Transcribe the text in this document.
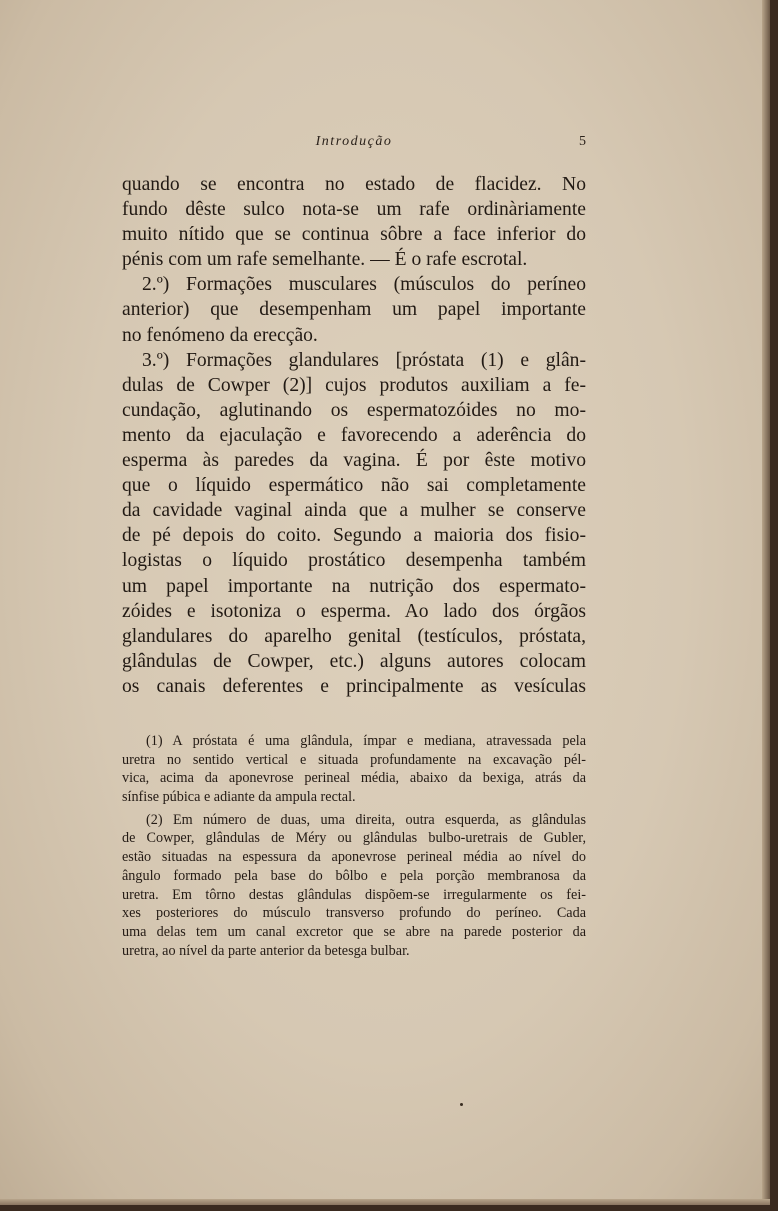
Introdução	5
quando se encontra no estado de flacidez. No
fundo dêste sulco nota-se um rafe ordinàriamente
muito nítido que se continua sôbre a face inferior do
pénis com um rafe semelhante. — É o rafe escrotal.
2.º) Formações musculares (músculos do períneo
anterior) que desempenham um papel importante
no fenómeno da erecção.
3.º) Formações glandulares [próstata (1) e glân-
dulas de Cowper (2)] cujos produtos auxiliam a fe-
cundação, aglutinando os espermatozóides no mo-
mento da ejaculação e favorecendo a aderência do
esperma às paredes da vagina. É por êste motivo
que o líquido espermático não sai completamente
da cavidade vaginal ainda que a mulher se conserve
de pé depois do coito. Segundo a maioria dos fisio-
logistas o líquido prostático desempenha também
um papel importante na nutrição dos espermato-
zóides e isotoniza o esperma. Ao lado dos órgãos
glandulares do aparelho genital (testículos, próstata,
glândulas de Cowper, etc.) alguns autores colocam
os canais deferentes e principalmente as vesículas
(1) A próstata é uma glândula, ímpar e mediana, atravessada pela
uretra no sentido vertical e situada profundamente na excavação pél-
vica, acima da aponevrose perineal média, abaixo da bexiga, atrás da
sínfise púbica e adiante da ampula rectal.
(2) Em número de duas, uma direita, outra esquerda, as glândulas
de Cowper, glândulas de Méry ou glândulas bulbo-uretrais de Gubler,
estão situadas na espessura da aponevrose perineal média ao nível do
ângulo formado pela base do bôlbo e pela porção membranosa da
uretra. Em tôrno destas glândulas dispõem-se irregularmente os fei-
xes posteriores do músculo transverso profundo do períneo. Cada
uma delas tem um canal excretor que se abre na parede posterior da
uretra, ao nível da parte anterior da betesga bulbar.
